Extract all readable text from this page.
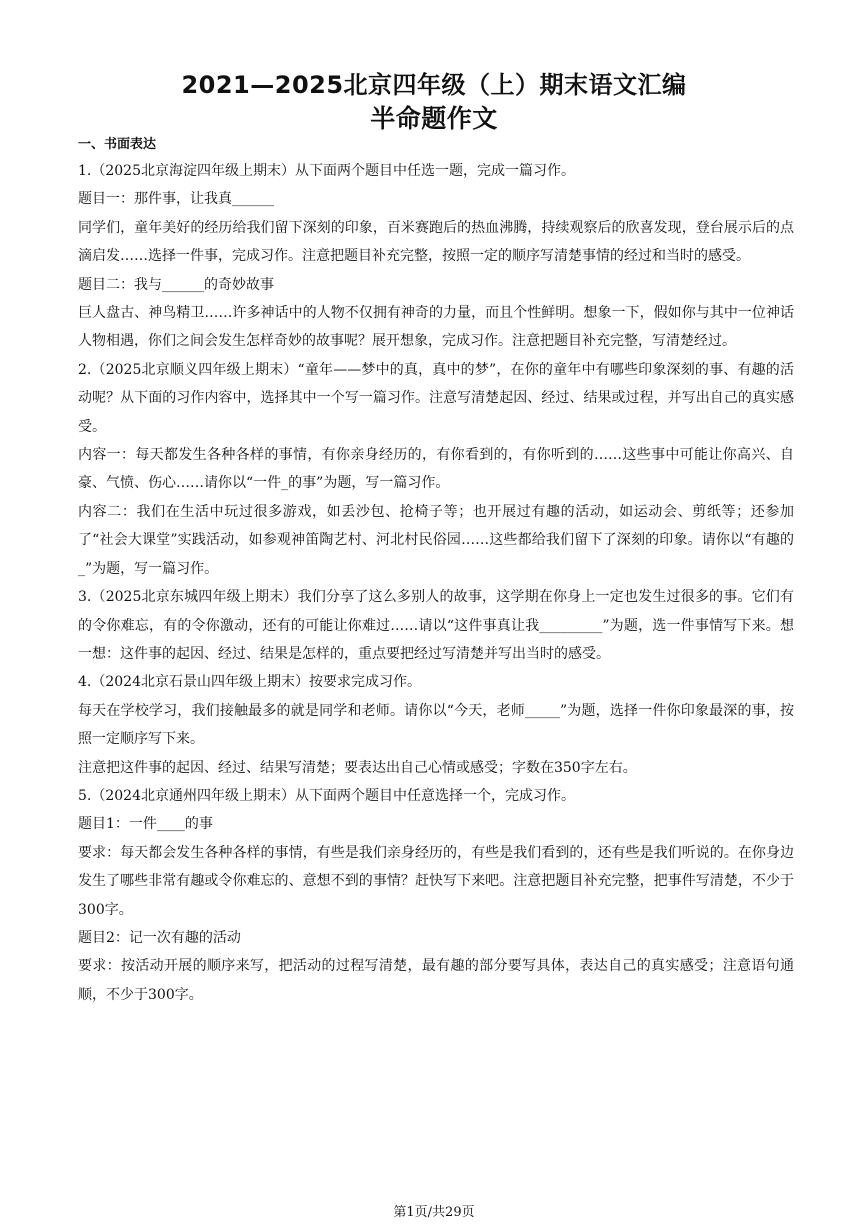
2021—2025北京四年级（上）期末语文汇编
半命题作文

一、书面表达

1.（2025北京海淀四年级上期末）从下面两个题目中任选一题，完成一篇习作。

题目一：那件事，让我真______

同学们，童年美好的经历给我们留下深刻的印象，百米赛跑后的热血沸腾，持续观察后的欣喜发现，登台展示后的点滴启发……选择一件事，完成习作。注意把题目补充完整，按照一定的顺序写清楚事情的经过和当时的感受。

题目二：我与______的奇妙故事

巨人盘古、神鸟精卫……许多神话中的人物不仅拥有神奇的力量，而且个性鲜明。想象一下，假如你与其中一位神话人物相遇，你们之间会发生怎样奇妙的故事呢？展开想象，完成习作。注意把题目补充完整，写清楚经过。

2.（2025北京顺义四年级上期末）“童年——梦中的真，真中的梦”，在你的童年中有哪些印象深刻的事、有趣的活动呢？从下面的习作内容中，选择其中一个写一篇习作。注意写清楚起因、经过、结果或过程，并写出自己的真实感受。

内容一：每天都发生各种各样的事情，有你亲身经历的，有你看到的，有你听到的……这些事中可能让你高兴、自豪、气愤、伤心……请你以“一件_的事”为题，写一篇习作。

内容二：我们在生活中玩过很多游戏，如丢沙包、抢椅子等；也开展过有趣的活动，如运动会、剪纸等；还参加了“社会大课堂”实践活动，如参观神笛陶艺村、河北村民俗园……这些都给我们留下了深刻的印象。请你以“有趣的_”为题，写一篇习作。

3.（2025北京东城四年级上期末）我们分享了这么多别人的故事，这学期在你身上一定也发生过很多的事。它们有的令你难忘，有的令你激动，还有的可能让你难过……请以“这件事真让我_________”为题，选一件事情写下来。想一想：这件事的起因、经过、结果是怎样的，重点要把经过写清楚并写出当时的感受。

4.（2024北京石景山四年级上期末）按要求完成习作。

每天在学校学习，我们接触最多的就是同学和老师。请你以“今天，老师_____”为题，选择一件你印象最深的事，按照一定顺序写下来。

注意把这件事的起因、经过、结果写清楚；要表达出自己心情或感受；字数在350字左右。

5.（2024北京通州四年级上期末）从下面两个题目中任意选择一个，完成习作。

题目1：一件____的事

要求：每天都会发生各种各样的事情，有些是我们亲身经历的，有些是我们看到的，还有些是我们听说的。在你身边发生了哪些非常有趣或令你难忘的、意想不到的事情？赶快写下来吧。注意把题目补充完整，把事件写清楚，不少于300字。

题目2：记一次有趣的活动

要求：按活动开展的顺序来写，把活动的过程写清楚，最有趣的部分要写具体，表达自己的真实感受；注意语句通顺，不少于300字。

第1页/共29页
